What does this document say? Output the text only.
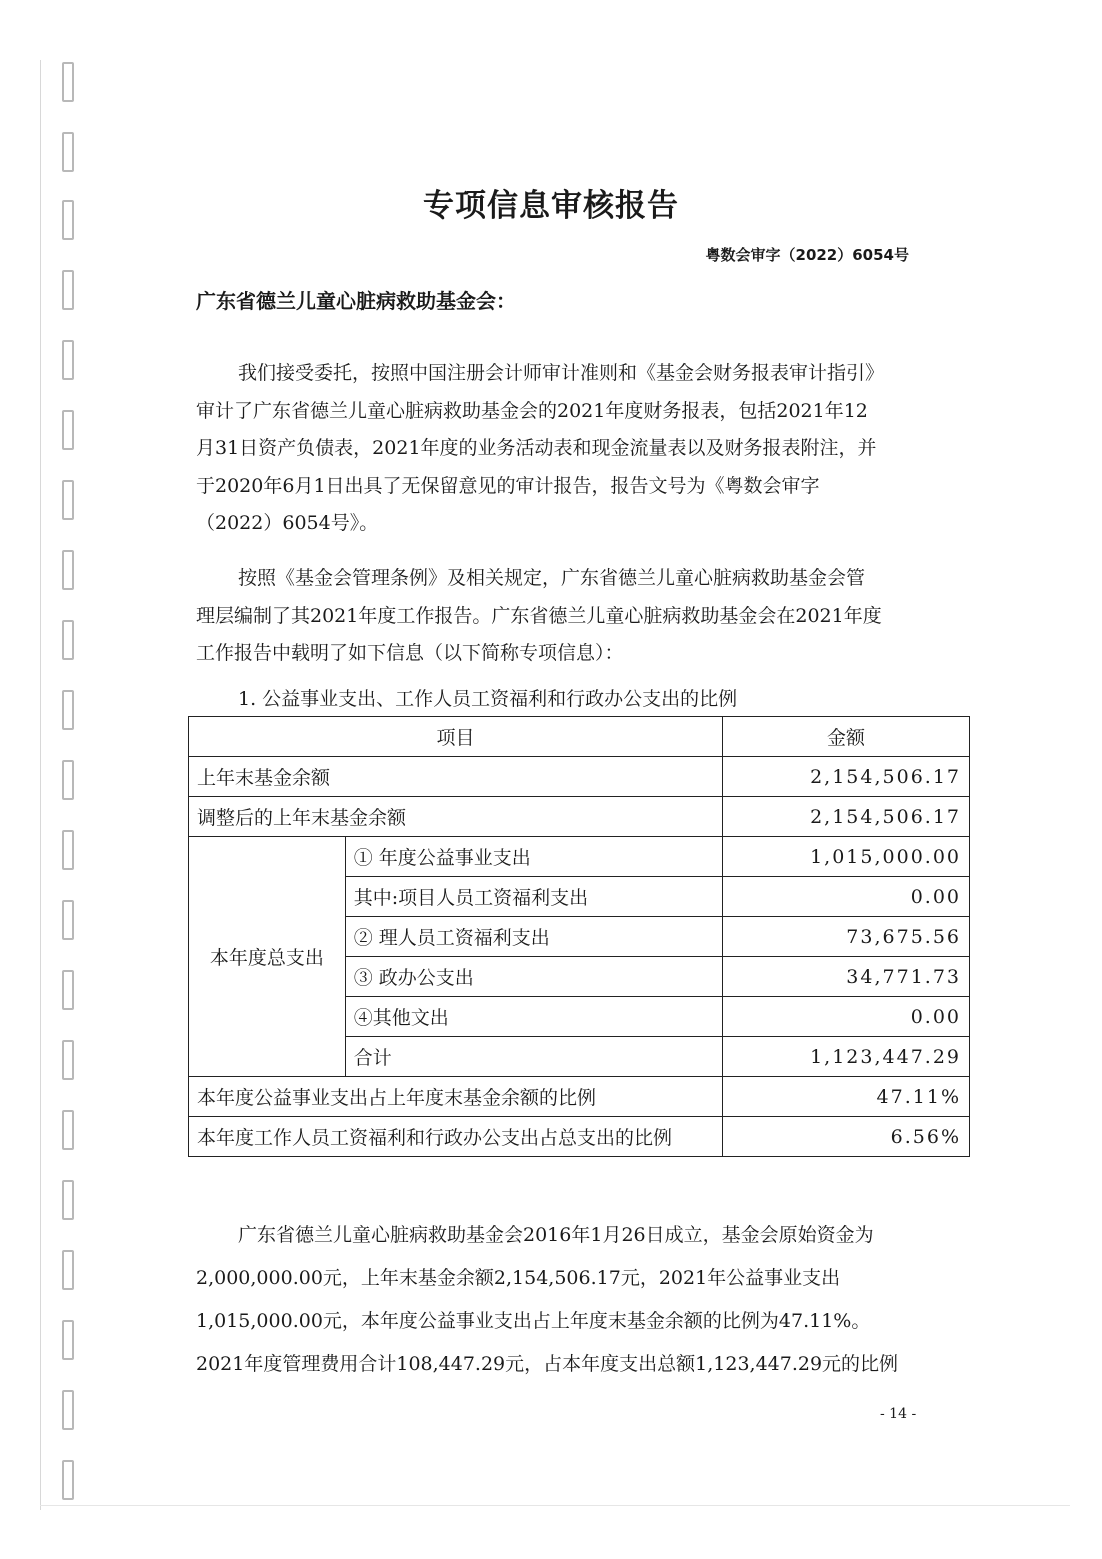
专项信息审核报告
粤数会审字（2022）6054号
广东省德兰儿童心脏病救助基金会：
我们接受委托，按照中国注册会计师审计准则和《基金会财务报表审计指引》
审计了广东省德兰儿童心脏病救助基金会的2021年度财务报表，包括2021年12
月31日资产负债表，2021年度的业务活动表和现金流量表以及财务报表附注，并
于2020年6月1日出具了无保留意见的审计报告，报告文号为《粤数会审字
（2022）6054号》。
按照《基金会管理条例》及相关规定，广东省德兰儿童心脏病救助基金会管
理层编制了其2021年度工作报告。广东省德兰儿童心脏病救助基金会在2021年度
工作报告中载明了如下信息（以下简称专项信息）：
1. 公益事业支出、工作人员工资福利和行政办公支出的比例
项目		金额
上年末基金余额		2,154,506.17
调整后的上年末基金余额		2,154,506.17
本年度总支出	① 年度公益事业支出	1,015,000.00
	其中:项目人员工资福利支出	0.00
	② 理人员工资福利支出	73,675.56
	③ 政办公支出	34,771.73
	④其他文出	0.00
	合计	1,123,447.29
本年度公益事业支出占上年度末基金余额的比例		47.11%
本年度工作人员工资福利和行政办公支出占总支出的比例		6.56%
广东省德兰儿童心脏病救助基金会2016年1月26日成立，基金会原始资金为
2,000,000.00元，上年末基金余额2,154,506.17元，2021年公益事业支出
1,015,000.00元，本年度公益事业支出占上年度末基金余额的比例为47.11%。
2021年度管理费用合计108,447.29元，占本年度支出总额1,123,447.29元的比例
- 14 -
